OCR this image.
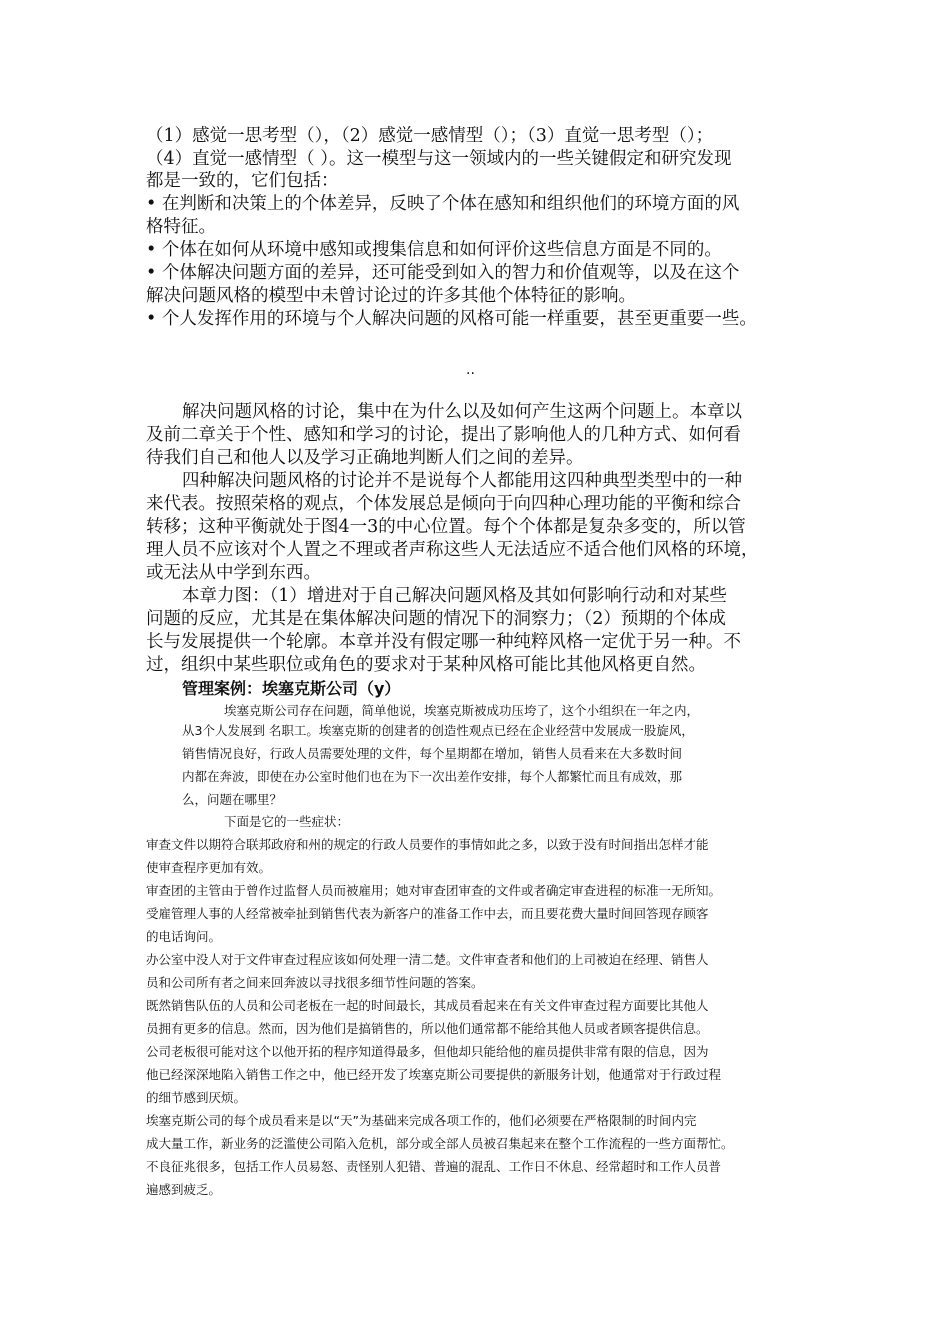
（1）感觉一思考型（），（2）感觉一感情型（）；（3）直觉一思考型（）；
（4）直觉一感情型（ ）。这一模型与这一领域内的一些关键假定和研究发现
都是一致的，它们包括：
• 在判断和决策上的个体差异，反映了个体在感知和组织他们的环境方面的风
格特征。
• 个体在如何从环境中感知或搜集信息和如何评价这些信息方面是不同的。
• 个体解决问题方面的差异，还可能受到如入的智力和价值观等，以及在这个
解决问题风格的模型中未曾讨论过的许多其他个体特征的影响。
• 个人发挥作用的环境与个人解决问题的风格可能一样重要，甚至更重要一些。
..
解决问题风格的讨论，集中在为什么以及如何产生这两个问题上。本章以
及前二章关于个性、感知和学习的讨论，提出了影响他人的几种方式、如何看
待我们自己和他人以及学习正确地判断人们之间的差异。
四种解决问题风格的讨论并不是说每个人都能用这四种典型类型中的一种
来代表。按照荣格的观点，个体发展总是倾向于向四种心理功能的平衡和综合
转移；这种平衡就处于图4一3的中心位置。每个个体都是复杂多变的，所以管
理人员不应该对个人置之不理或者声称这些人无法适应不适合他们风格的环境，
或无法从中学到东西。
本章力图：（1）增进对于自己解决问题风格及其如何影响行动和对某些
问题的反应，尤其是在集体解决问题的情况下的洞察力；（2）预期的个体成
长与发展提供一个轮廓。本章并没有假定哪一种纯粹风格一定优于另一种。不
过，组织中某些职位或角色的要求对于某种风格可能比其他风格更自然。
管理案例：埃塞克斯公司（y）
埃塞克斯公司存在问题，简单他说，埃塞克斯被成功压垮了，这个小组织在一年之内，
从3个人发展到 名职工。埃塞克斯的创建者的创造性观点已经在企业经营中发展成一股旋风，
销售情况良好，行政人员需要处理的文件，每个星期都在增加，销售人员看来在大多数时间
内都在奔波，即使在办公室时他们也在为下一次出差作安排，每个人都繁忙而且有成效，那
么，问题在哪里？
下面是它的一些症状：
审查文件以期符合联邦政府和州的规定的行政人员要作的事情如此之多，以致于没有时间指出怎样才能
使审查程序更加有效。
审查团的主管由于曾作过监督人员而被雇用；她对审查团审查的文件或者确定审查进程的标准一无所知。
受雇管理人事的人经常被牵扯到销售代表为新客户的准备工作中去，而且要花费大量时间回答现存顾客
的电话询问。
办公室中没人对于文件审查过程应该如何处理一清二楚。文件审查者和他们的上司被迫在经理、销售人
员和公司所有者之间来回奔波以寻找很多细节性问题的答案。
既然销售队伍的人员和公司老板在一起的时间最长，其成员看起来在有关文件审查过程方面要比其他人
员拥有更多的信息。然而，因为他们是搞销售的，所以他们通常都不能给其他人员或者顾客提供信息。
公司老板很可能对这个以他开拓的程序知道得最多，但他却只能给他的雇员提供非常有限的信息，因为
他已经深深地陷入销售工作之中，他已经开发了埃塞克斯公司要提供的新服务计划，他通常对于行政过程
的细节感到厌烦。
埃塞克斯公司的每个成员看来是以“天”为基础来完成各项工作的，他们必须要在严格限制的时间内完
成大量工作，新业务的泛滥使公司陷入危机，部分或全部人员被召集起来在整个工作流程的一些方面帮忙。
不良征兆很多，包括工作人员易怒、责怪别人犯错、普遍的混乱、工作日不休息、经常超时和工作人员普
遍感到疲乏。
